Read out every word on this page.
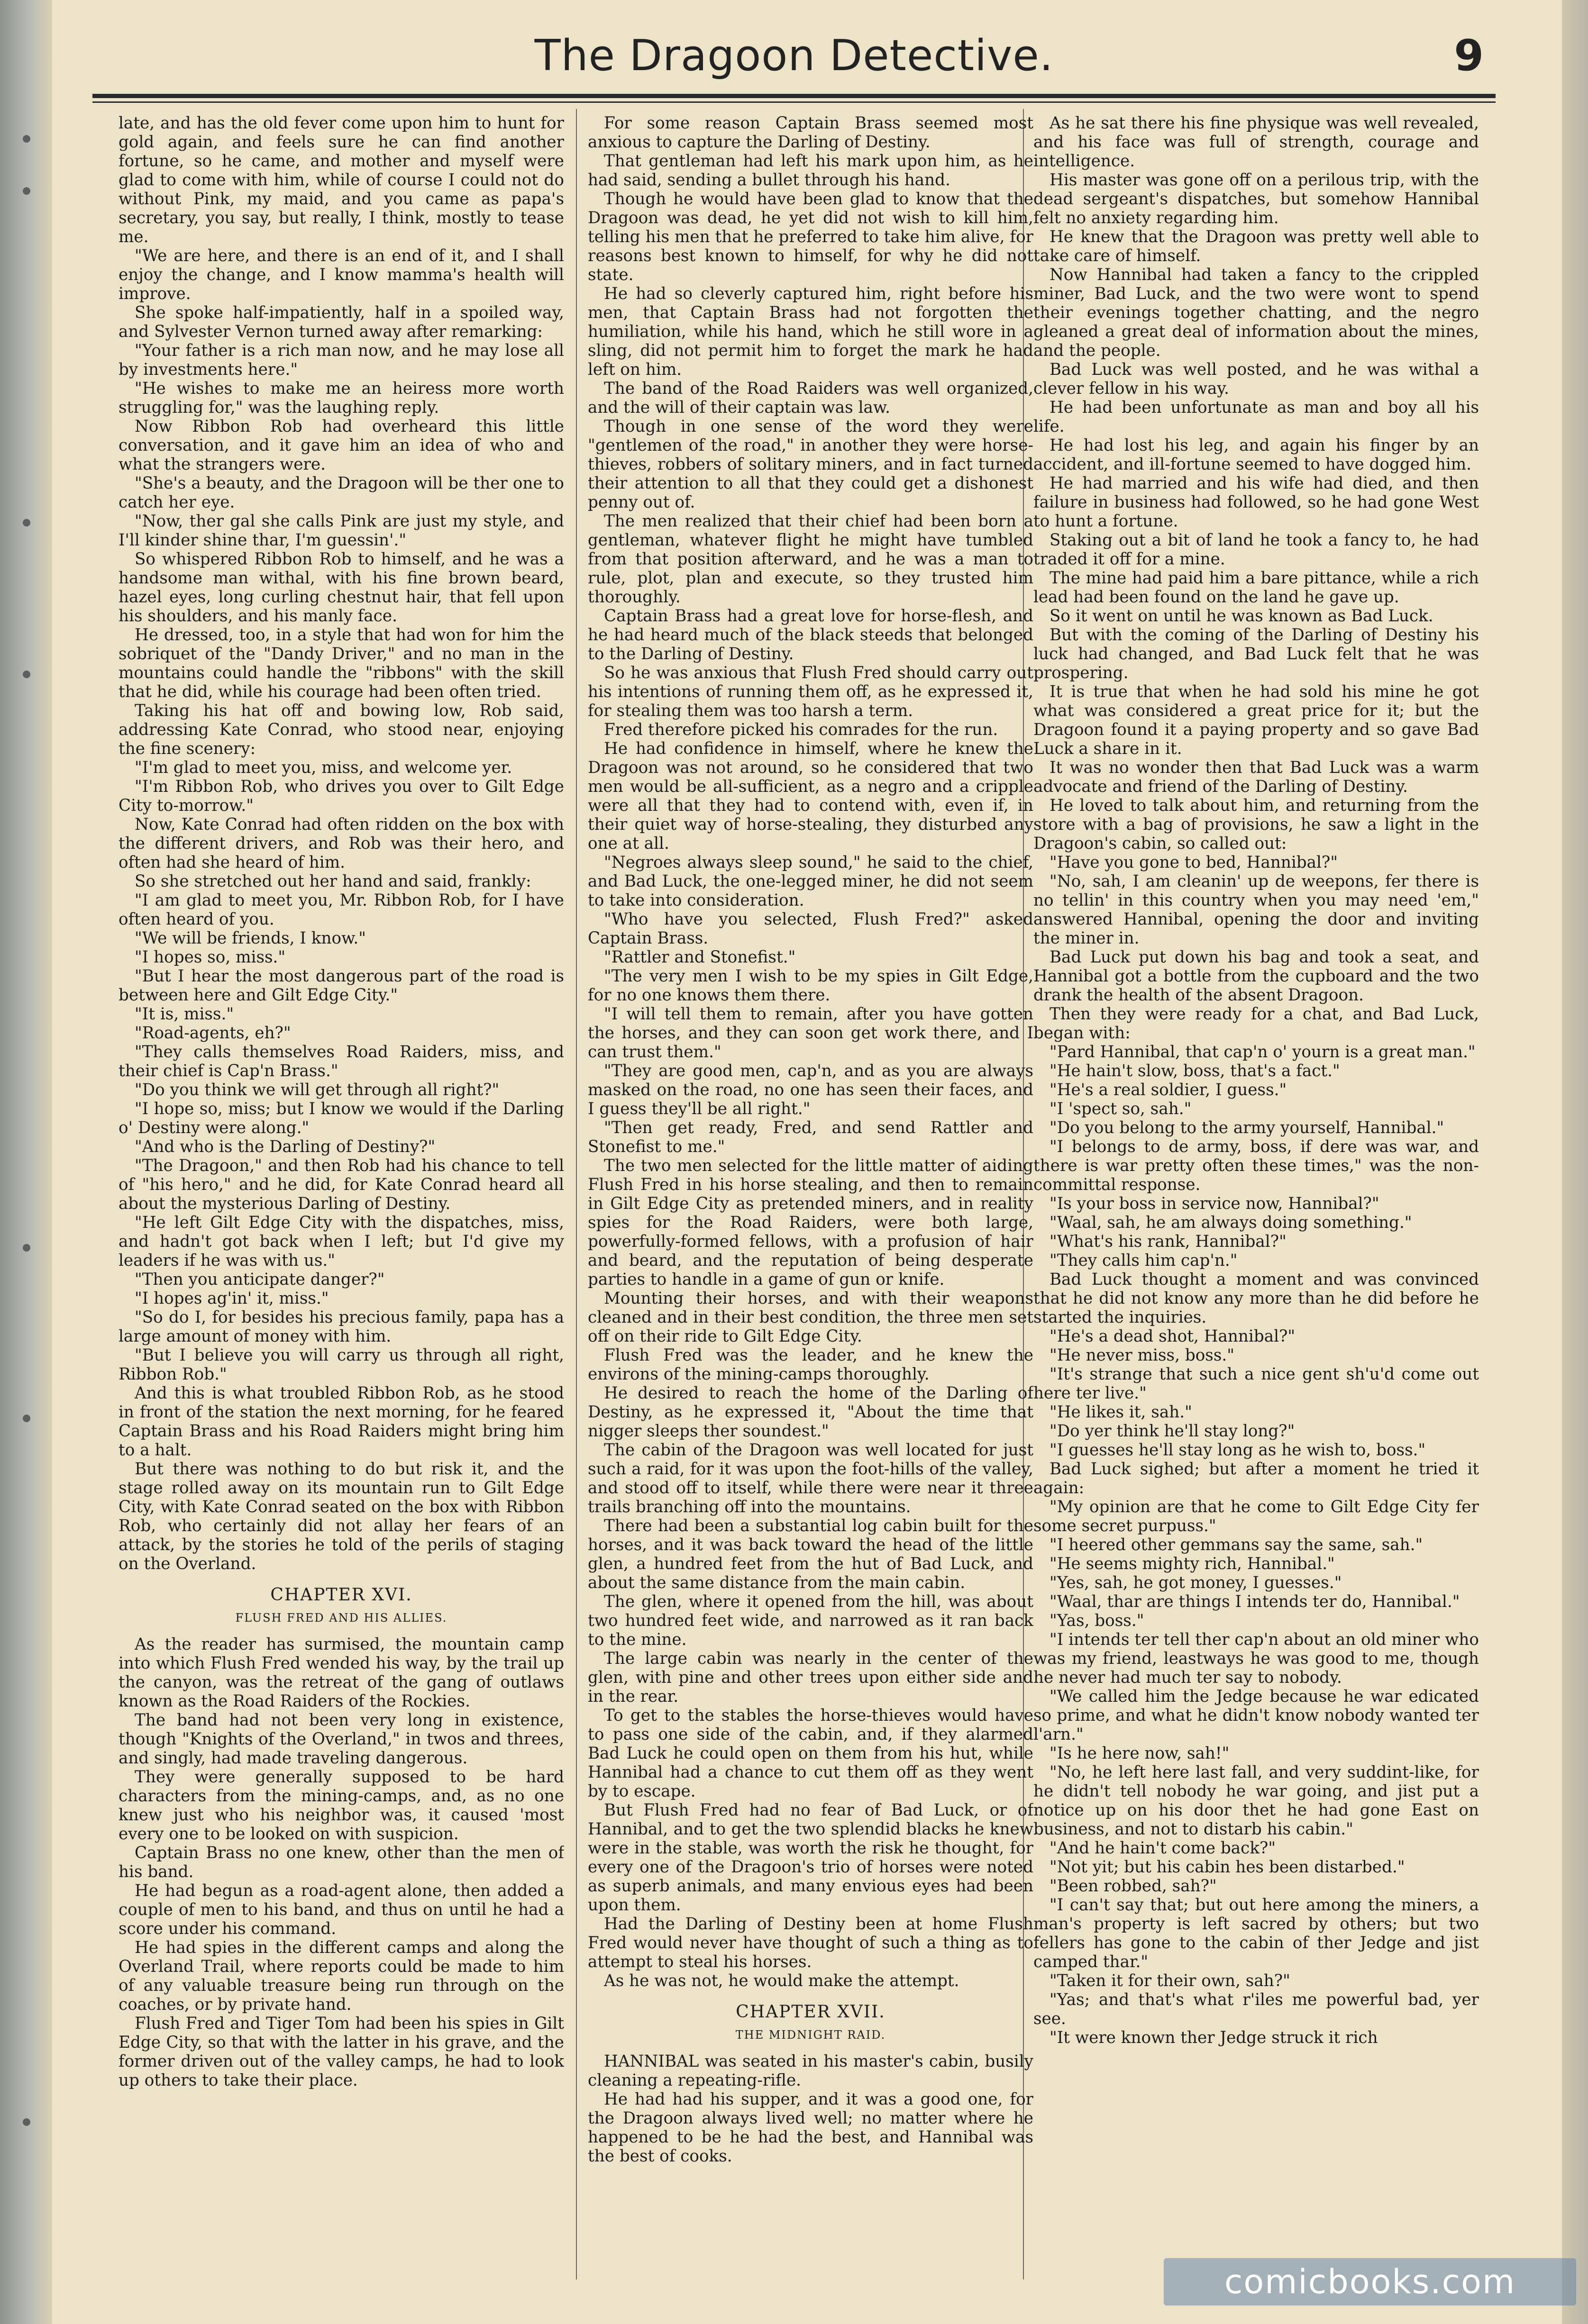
The Dragoon Detective.	9

late, and has the old fever come upon him to hunt for gold again, and feels sure he can find another fortune, so he came, and mother and myself were glad to come with him, while of course I could not do without Pink, my maid, and you came as papa's secretary, you say, but really, I think, mostly to tease me.

"We are here, and there is an end of it, and I shall enjoy the change, and I know mamma's health will improve.

She spoke half-impatiently, half in a spoiled way, and Sylvester Vernon turned away after remarking:

"Your father is a rich man now, and he may lose all by investments here."

"He wishes to make me an heiress more worth struggling for," was the laughing reply.

Now Ribbon Rob had overheard this little conversation, and it gave him an idea of who and what the strangers were.

"She's a beauty, and the Dragoon will be ther one to catch her eye.

"Now, ther gal she calls Pink are just my style, and I'll kinder shine thar, I'm guessin'."

So whispered Ribbon Rob to himself, and he was a handsome man withal, with his fine brown beard, hazel eyes, long curling chestnut hair, that fell upon his shoulders, and his manly face.

He dressed, too, in a style that had won for him the sobriquet of the "Dandy Driver," and no man in the mountains could handle the "ribbons" with the skill that he did, while his courage had been often tried.

Taking his hat off and bowing low, Rob said, addressing Kate Conrad, who stood near, enjoying the fine scenery:

"I'm glad to meet you, miss, and welcome yer.

"I'm Ribbon Rob, who drives you over to Gilt Edge City to-morrow."

Now, Kate Conrad had often ridden on the box with the different drivers, and Rob was their hero, and often had she heard of him.

So she stretched out her hand and said, frankly:

"I am glad to meet you, Mr. Ribbon Rob, for I have often heard of you.

"We will be friends, I know."

"I hopes so, miss."

"But I hear the most dangerous part of the road is between here and Gilt Edge City."

"It is, miss."

"Road-agents, eh?"

"They calls themselves Road Raiders, miss, and their chief is Cap'n Brass."

"Do you think we will get through all right?"

"I hope so, miss; but I know we would if the Darling o' Destiny were along."

"And who is the Darling of Destiny?"

"The Dragoon," and then Rob had his chance to tell of "his hero," and he did, for Kate Conrad heard all about the mysterious Darling of Destiny.

"He left Gilt Edge City with the dispatches, miss, and hadn't got back when I left; but I'd give my leaders if he was with us."

"Then you anticipate danger?"

"I hopes ag'in' it, miss."

"So do I, for besides his precious family, papa has a large amount of money with him.

"But I believe you will carry us through all right, Ribbon Rob."

And this is what troubled Ribbon Rob, as he stood in front of the station the next morning, for he feared Captain Brass and his Road Raiders might bring him to a halt.

But there was nothing to do but risk it, and the stage rolled away on its mountain run to Gilt Edge City, with Kate Conrad seated on the box with Ribbon Rob, who certainly did not allay her fears of an attack, by the stories he told of the perils of staging on the Overland.

CHAPTER XVI.

FLUSH FRED AND HIS ALLIES.

As the reader has surmised, the mountain camp into which Flush Fred wended his way, by the trail up the canyon, was the retreat of the gang of outlaws known as the Road Raiders of the Rockies.

The band had not been very long in existence, though "Knights of the Overland," in twos and threes, and singly, had made traveling dangerous.

They were generally supposed to be hard characters from the mining-camps, and, as no one knew just who his neighbor was, it caused 'most every one to be looked on with suspicion.

Captain Brass no one knew, other than the men of his band.

He had begun as a road-agent alone, then added a couple of men to his band, and thus on until he had a score under his command.

He had spies in the different camps and along the Overland Trail, where reports could be made to him of any valuable treasure being run through on the coaches, or by private hand.

Flush Fred and Tiger Tom had been his spies in Gilt Edge City, so that with the latter in his grave, and the former driven out of the valley camps, he had to look up others to take their place.

For some reason Captain Brass seemed most anxious to capture the Darling of Destiny.

That gentleman had left his mark upon him, as he had said, sending a bullet through his hand.

Though he would have been glad to know that the Dragoon was dead, he yet did not wish to kill him, telling his men that he preferred to take him alive, for reasons best known to himself, for why he did not state.

He had so cleverly captured him, right before his men, that Captain Brass had not forgotten the humiliation, while his hand, which he still wore in a sling, did not permit him to forget the mark he had left on him.

The band of the Road Raiders was well organized, and the will of their captain was law.

Though in one sense of the word they were "gentlemen of the road," in another they were horse-thieves, robbers of solitary miners, and in fact turned their attention to all that they could get a dishonest penny out of.

The men realized that their chief had been born a gentleman, whatever flight he might have tumbled from that position afterward, and he was a man to rule, plot, plan and execute, so they trusted him thoroughly.

Captain Brass had a great love for horse-flesh, and he had heard much of the black steeds that belonged to the Darling of Destiny.

So he was anxious that Flush Fred should carry out his intentions of running them off, as he expressed it, for stealing them was too harsh a term.

Fred therefore picked his comrades for the run.

He had confidence in himself, where he knew the Dragoon was not around, so he considered that two men would be all-sufficient, as a negro and a cripple were all that they had to contend with, even if, in their quiet way of horse-stealing, they disturbed any one at all.

"Negroes always sleep sound," he said to the chief, and Bad Luck, the one-legged miner, he did not seem to take into consideration.

"Who have you selected, Flush Fred?" asked Captain Brass.

"Rattler and Stonefist."

"The very men I wish to be my spies in Gilt Edge, for no one knows them there.

"I will tell them to remain, after you have gotten the horses, and they can soon get work there, and I can trust them."

"They are good men, cap'n, and as you are always masked on the road, no one has seen their faces, and I guess they'll be all right."

"Then get ready, Fred, and send Rattler and Stonefist to me."

The two men selected for the little matter of aiding Flush Fred in his horse stealing, and then to remain in Gilt Edge City as pretended miners, and in reality spies for the Road Raiders, were both large, powerfully-formed fellows, with a profusion of hair and beard, and the reputation of being desperate parties to handle in a game of gun or knife.

Mounting their horses, and with their weapons cleaned and in their best condition, the three men set off on their ride to Gilt Edge City.

Flush Fred was the leader, and he knew the environs of the mining-camps thoroughly.

He desired to reach the home of the Darling of Destiny, as he expressed it, "About the time that nigger sleeps ther soundest."

The cabin of the Dragoon was well located for just such a raid, for it was upon the foot-hills of the valley, and stood off to itself, while there were near it three trails branching off into the mountains.

There had been a substantial log cabin built for the horses, and it was back toward the head of the little glen, a hundred feet from the hut of Bad Luck, and about the same distance from the main cabin.

The glen, where it opened from the hill, was about two hundred feet wide, and narrowed as it ran back to the mine.

The large cabin was nearly in the center of the glen, with pine and other trees upon either side and in the rear.

To get to the stables the horse-thieves would have to pass one side of the cabin, and, if they alarmed Bad Luck he could open on them from his hut, while Hannibal had a chance to cut them off as they went by to escape.

But Flush Fred had no fear of Bad Luck, or of Hannibal, and to get the two splendid blacks he knew were in the stable, was worth the risk he thought, for every one of the Dragoon's trio of horses were noted as superb animals, and many envious eyes had been upon them.

Had the Darling of Destiny been at home Flush Fred would never have thought of such a thing as to attempt to steal his horses.

As he was not, he would make the attempt.

CHAPTER XVII.

THE MIDNIGHT RAID.

HANNIBAL was seated in his master's cabin, busily cleaning a repeating-rifle.

He had had his supper, and it was a good one, for the Dragoon always lived well; no matter where he happened to be he had the best, and Hannibal was the best of cooks.

As he sat there his fine physique was well revealed, and his face was full of strength, courage and intelligence.

His master was gone off on a perilous trip, with the dead sergeant's dispatches, but somehow Hannibal felt no anxiety regarding him.

He knew that the Dragoon was pretty well able to take care of himself.

Now Hannibal had taken a fancy to the crippled miner, Bad Luck, and the two were wont to spend their evenings together chatting, and the negro gleaned a great deal of information about the mines, and the people.

Bad Luck was well posted, and he was withal a clever fellow in his way.

He had been unfortunate as man and boy all his life.

He had lost his leg, and again his finger by an accident, and ill-fortune seemed to have dogged him.

He had married and his wife had died, and then failure in business had followed, so he had gone West to hunt a fortune.

Staking out a bit of land he took a fancy to, he had traded it off for a mine.

The mine had paid him a bare pittance, while a rich lead had been found on the land he gave up.

So it went on until he was known as Bad Luck.

But with the coming of the Darling of Destiny his luck had changed, and Bad Luck felt that he was prospering.

It is true that when he had sold his mine he got what was considered a great price for it; but the Dragoon found it a paying property and so gave Bad Luck a share in it.

It was no wonder then that Bad Luck was a warm advocate and friend of the Darling of Destiny.

He loved to talk about him, and returning from the store with a bag of provisions, he saw a light in the Dragoon's cabin, so called out:

"Have you gone to bed, Hannibal?"

"No, sah, I am cleanin' up de weepons, fer there is no tellin' in this country when you may need 'em," answered Hannibal, opening the door and inviting the miner in.

Bad Luck put down his bag and took a seat, and Hannibal got a bottle from the cupboard and the two drank the health of the absent Dragoon.

Then they were ready for a chat, and Bad Luck, began with:

"Pard Hannibal, that cap'n o' yourn is a great man."

"He hain't slow, boss, that's a fact."

"He's a real soldier, I guess."

"I 'spect so, sah."

"Do you belong to the army yourself, Hannibal."

"I belongs to de army, boss, if dere was war, and there is war pretty often these times," was the non-committal response.

"Is your boss in service now, Hannibal?"

"Waal, sah, he am always doing something."

"What's his rank, Hannibal?"

"They calls him cap'n."

Bad Luck thought a moment and was convinced that he did not know any more than he did before he started the inquiries.

"He's a dead shot, Hannibal?"

"He never miss, boss."

"It's strange that such a nice gent sh'u'd come out here ter live."

"He likes it, sah."

"Do yer think he'll stay long?"

"I guesses he'll stay long as he wish to, boss."

Bad Luck sighed; but after a moment he tried it again:

"My opinion are that he come to Gilt Edge City fer some secret purpuss."

"I heered other gemmans say the same, sah."

"He seems mighty rich, Hannibal."

"Yes, sah, he got money, I guesses."

"Waal, thar are things I intends ter do, Hannibal."

"Yas, boss."

"I intends ter tell ther cap'n about an old miner who was my friend, leastways he was good to me, though he never had much ter say to nobody.

"We called him the Jedge because he war edicated so prime, and what he didn't know nobody wanted ter l'arn."

"Is he here now, sah!"

"No, he left here last fall, and very suddint-like, for he didn't tell nobody he war going, and jist put a notice up on his door thet he had gone East on business, and not to distarb his cabin."

"And he hain't come back?"

"Not yit; but his cabin hes been distarbed."

"Been robbed, sah?"

"I can't say that; but out here among the miners, a man's property is left sacred by others; but two fellers has gone to the cabin of ther Jedge and jist camped thar."

"Taken it for their own, sah?"

"Yas; and that's what r'iles me powerful bad, yer see.

"It were known ther Jedge struck it rich

comicbooks.com
